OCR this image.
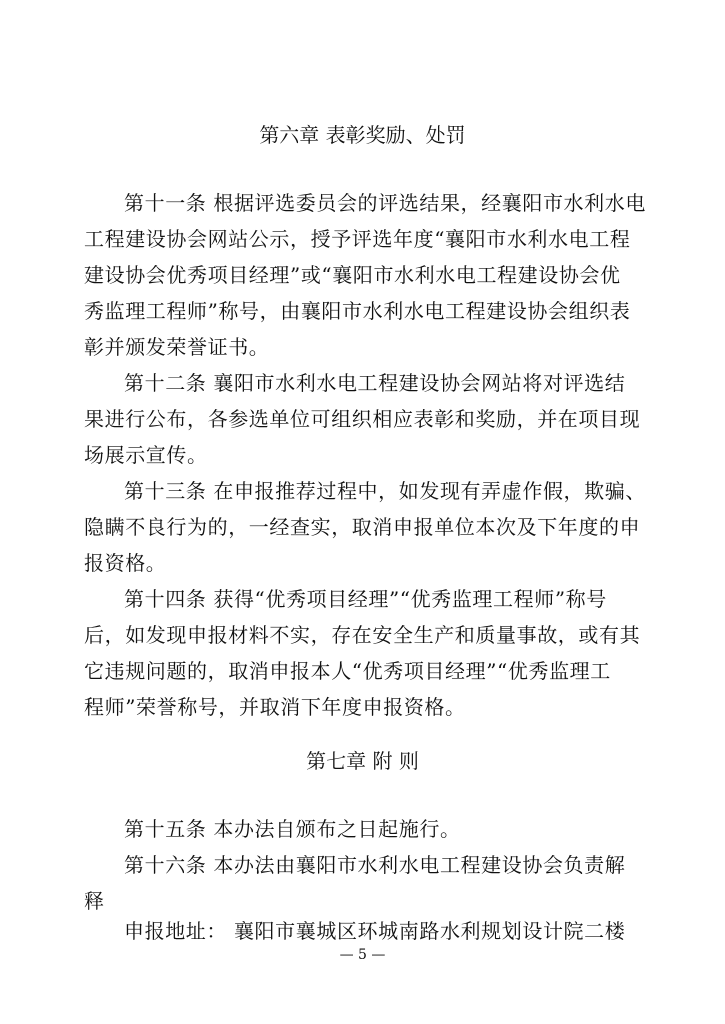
第六章 表彰奖励、处罚
第十一条 根据评选委员会的评选结果，经襄阳市水利水电
工程建设协会网站公示，授予评选年度“襄阳市水利水电工程
建设协会优秀项目经理”或“襄阳市水利水电工程建设协会优
秀监理工程师”称号，由襄阳市水利水电工程建设协会组织表
彰并颁发荣誉证书。
第十二条 襄阳市水利水电工程建设协会网站将对评选结
果进行公布，各参选单位可组织相应表彰和奖励，并在项目现
场展示宣传。
第十三条 在申报推荐过程中，如发现有弄虚作假，欺骗、
隐瞒不良行为的，一经查实，取消申报单位本次及下年度的申
报资格。
第十四条 获得“优秀项目经理”“优秀监理工程师”称号
后，如发现申报材料不实，存在安全生产和质量事故，或有其
它违规问题的，取消申报本人“优秀项目经理”“优秀监理工
程师”荣誉称号，并取消下年度申报资格。
第七章 附 则
第十五条 本办法自颁布之日起施行。
第十六条 本办法由襄阳市水利水电工程建设协会负责解
释
申报地址： 襄阳市襄城区环城南路水利规划设计院二楼
— 5 —
